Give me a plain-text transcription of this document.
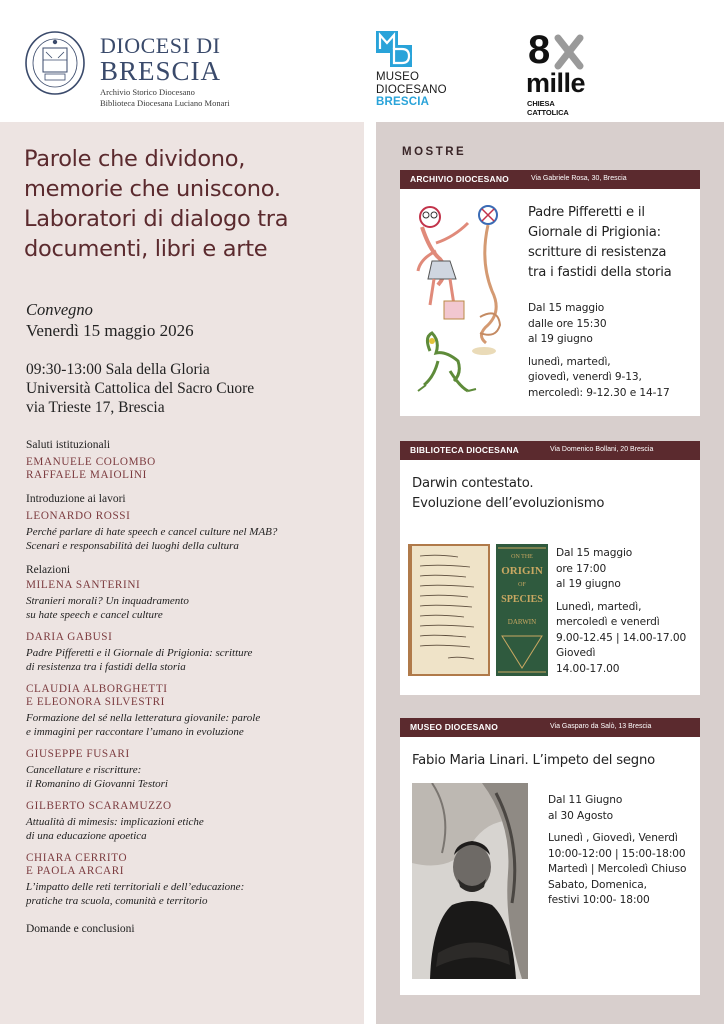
DIOCESI DI
BRESCIA
Archivio Storico Diocesano
Biblioteca Diocesana Luciano Monari
MUSEO
DIOCESANO
BRESCIA
8
mille
CHIESA CATTOLICA
Parole che dividono,
memorie che uniscono.
Laboratori di dialogo tra
documenti, libri e arte
Convegno
Venerdì 15 maggio 2026
09:30-13:00 Sala della Gloria
Università Cattolica del Sacro Cuore
via Trieste 17, Brescia
Saluti istituzionali
EMANUELE COLOMBO
RAFFAELE MAIOLINI
Introduzione ai lavori
LEONARDO ROSSI
Perché parlare di hate speech e cancel culture nel MAB?
Scenari e responsabilità dei luoghi della cultura
Relazioni
MILENA SANTERINI
Stranieri morali? Un inquadramento
su hate speech e cancel culture
DARIA GABUSI
Padre Pifferetti e il Giornale di Prigionia: scritture
di resistenza tra i fastidi della storia
CLAUDIA ALBORGHETTI
E ELEONORA SILVESTRI
Formazione del sé nella letteratura giovanile: parole
e immagini per raccontare l’umano in evoluzione
GIUSEPPE FUSARI
Cancellature e riscritture:
il Romanino di Giovanni Testori
GILBERTO SCARAMUZZO
Attualità di mimesis: implicazioni etiche
di una educazione apoetica
CHIARA CERRITO
E PAOLA ARCARI
L’impatto delle reti territoriali e dell’educazione:
pratiche tra scuola, comunità e territorio
Domande e conclusioni
MOSTRE
ARCHIVIO DIOCESANO	Via Gabriele Rosa, 30, Brescia
Padre Pifferetti e il
Giornale di Prigionia:
scritture di resistenza
tra i fastidi della storia
Dal 15 maggio
dalle ore 15:30
al 19 giugno
lunedì, martedì,
giovedì, venerdì 9-13,
mercoledì: 9-12.30 e 14-17
BIBLIOTECA DIOCESANA	Via Domenico Bollani, 20 Brescia
Darwin contestato.
Evoluzione dell’evoluzionismo
ON THE
ORIGIN
OF
SPECIES
DARWIN
Dal 15 maggio
ore 17:00
al 19 giugno
Lunedì, martedì,
mercoledì e venerdì
9.00-12.45 | 14.00-17.00
Giovedì
14.00-17.00
MUSEO DIOCESANO	Via Gasparo da Salò, 13 Brescia
Fabio Maria Linari. L’impeto del segno
Dal 11 Giugno
al 30 Agosto
Lunedì , Giovedì, Venerdì
10:00-12:00 | 15:00-18:00
Martedì | Mercoledì Chiuso
Sabato, Domenica,
festivi 10:00- 18:00
